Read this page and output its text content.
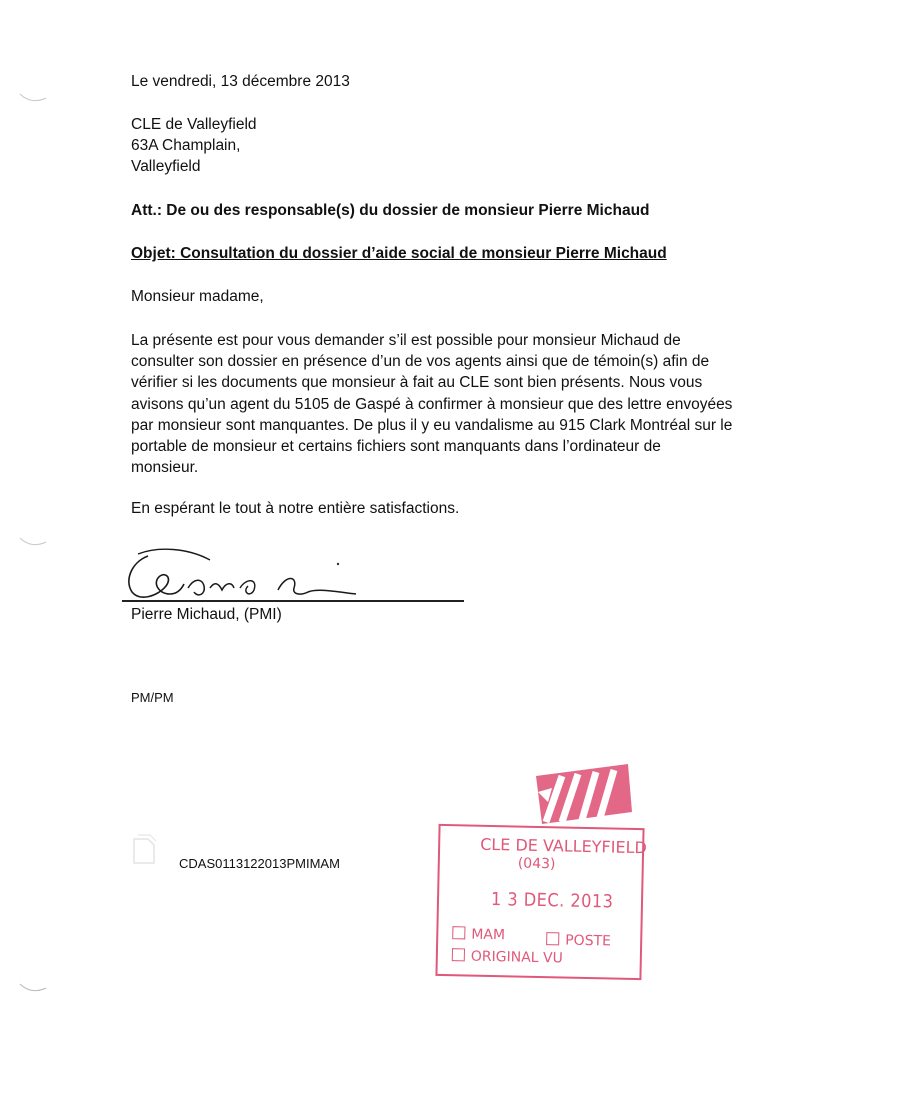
Le vendredi, 13 décembre 2013
CLE de Valleyfield
63A Champlain,
Valleyfield
Att.: De ou des responsable(s) du dossier de monsieur Pierre Michaud
Objet: Consultation du dossier d’aide social de monsieur Pierre Michaud
Monsieur madame,
La présente est pour vous demander s’il est possible pour monsieur Michaud de
consulter son dossier en présence d’un de vos agents ainsi que de témoin(s) afin de
vérifier si les documents que monsieur à fait au CLE sont bien présents. Nous vous
avisons qu’un agent du 5105 de Gaspé à confirmer à monsieur que des lettre envoyées
par monsieur sont manquantes. De plus il y eu vandalisme au 915 Clark Montréal sur le
portable de monsieur et certains fichiers sont manquants dans l’ordinateur de
monsieur.
En espérant le tout à notre entière satisfactions.
Pierre Michaud, (PMI)
PM/PM
CDAS0113122013PMIMAM
CLE DE VALLEYFIELD
(043)
1 3 DEC. 2013
MAM	POSTE
ORIGINAL VU
